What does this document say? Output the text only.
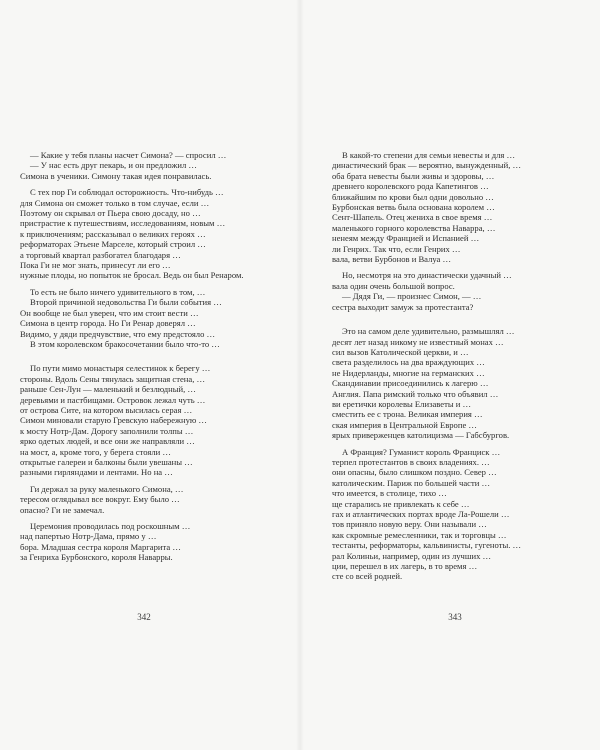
— Какие у тебя планы насчет Симона? — спросил …

— У нас есть друг пекарь, и он предложил …

Симона в ученики. Симону такая идея понравилась.

С тех пор Ги соблюдал осторожность. Что-нибудь …

для Симона он сможет только в том случае, если …

Поэтому он скрывал от Пьера свою досаду, но …

пристрастие к путешествиям, исследованиям, новым …

к приключениям; рассказывал о великих героях …

реформаторах Этьене Марселе, который строил …

а торговый квартал разбогател благодаря …

Пока Ги не мог знать, принесут ли его …

нужные плоды, но попыток не бросал. Ведь он был Ренаром.

То есть не было ничего удивительного в том, …

Второй причиной недовольства Ги были события …

Он вообще не был уверен, что им стоит вести …

Симона в центр города. Но Ги Ренар доверял …

Видимо, у дяди предчувствие, что ему предстояло …

В этом королевском бракосочетании было что-то …

По пути мимо монастыря селестинок к берегу …

стороны. Вдоль Сены тянулась защитная стена, …

раньше Сен-Лун — маленький и безлюдный, …

деревьями и пастбищами. Островок лежал чуть …

от острова Сите, на котором высилась серая …

Симон миновали старую Гревскую набережную …

к мосту Нотр-Дам. Дорогу заполнили толпы …

ярко одетых людей, и все они же направляли …

на мост, а, кроме того, у берега стояли …

открытые галереи и балконы были увешаны …

разными гирляндами и лентами. Но на …

Ги держал за руку маленького Симона, …

тересом оглядывал все вокруг. Ему было …

опасно? Ги не замечал.

Церемония проводилась под роскошным …

над папертью Нотр-Дама, прямо у …

бора. Младшая сестра короля Маргарита …

за Генриха Бурбонского, короля Наварры.

342

В какой-то степени для семьи невесты и для …

династический брак — вероятно, вынужденный, …

оба брата невесты были живы и здоровы, …

древнего королевского рода Капетингов …

ближайшим по крови был одни довольно …

Бурбонская ветвь была основана королем …

Сент-Шапель. Отец жениха в свое время …

маленького горного королевства Наварра, …

ненеям между Францией и Испанией …

ли Генрих. Так что, если Генрих …

вала, ветви Бурбонов и Валуа …

Но, несмотря на это династически удачный …

вала один очень большой вопрос.

— Дядя Ги, — произнес Симон, — …

сестра выходит замуж за протестанта?

Это на самом деле удивительно, размышлял …

десят лет назад никому не известный монах …

сил вызов Католической церкви, и …

света разделилось на два враждующих …

не Нидерланды, многие на германских …

Скандинавии присоединились к лагерю …

Англия. Папа римский только что объявил …

ви еретички королевы Елизаветы и …

сместить ее с трона. Великая империя …

ская империя в Центральной Европе …

ярых приверженцев католицизма — Габсбургов.

А Франция? Гуманист король Франциск …

терпел протестантов в своих владениях. …

они опасны, было слишком поздно. Север …

католическим. Париж по большей части …

что имеется, в столице, тихо …

ще старались не привлекать к себе …

гах и атлантических портах вроде Ла-Рошели …

тов приняло новую веру. Они называли …

как скромные ремесленники, так и торговцы …

тестанты, реформаторы, кальвинисты, гугеноты. …

рал Колиньи, например, один из лучших …

ции, перешел в их лагерь, в то время …

сте со всей родней.

343
